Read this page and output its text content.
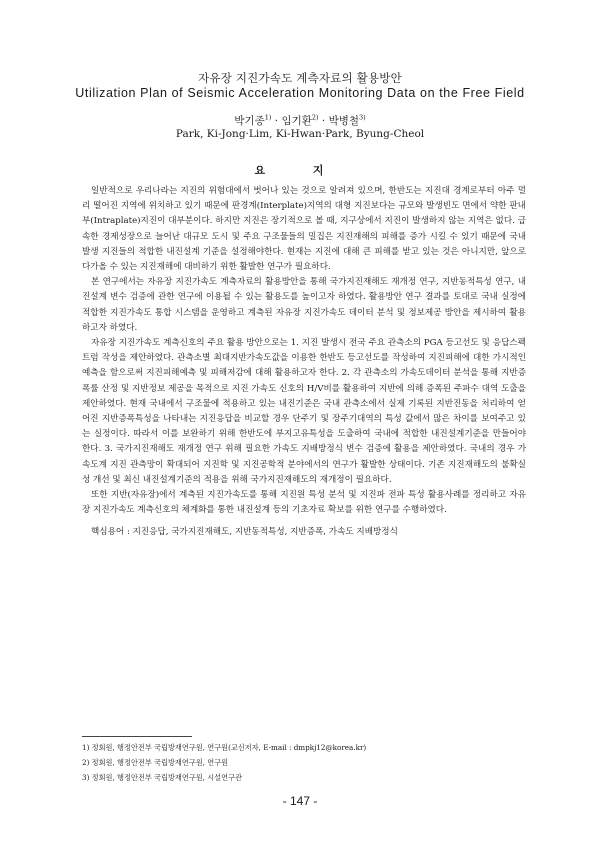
자유장 지진가속도 계측자료의 활용방안
Utilization Plan of Seismic Acceleration Monitoring Data on the Free Field
박기종$^{1)}$ · 임기환$^{2)}$ · 박병철$^{3)}$
Park, Ki-Jong·Lim, Ki-Hwan·Park, Byung-Cheol
요 지

일반적으로 우리나라는 지진의 위험대에서 벗어나 있는 것으로 알려져 있으며, 한반도는 지진대 경계로부터 아주 멀리 떨어진 지역에 위치하고 있기 때문에 판경계(Interplate)지역의 대형 지진보다는 규모와 발생빈도 면에서 약한 판내부(Intraplate)지진이 대부분이다. 하지만 지진은 장기적으로 볼 때, 지구상에서 지진이 발생하지 않는 지역은 없다. 급속한 경제성장으로 늘어난 대규모 도시 및 주요 구조물들의 밀집은 지진재해의 피해를 증가 시킬 수 있기 때문에 국내 발생 지진들의 적합한 내진설계 기준을 설정해야한다. 현재는 지진에 대해 큰 피해를 받고 있는 것은 아니지만, 앞으로 다가올 수 있는 지진재해에 대비하기 위한 활발한 연구가 필요하다.

본 연구에서는 자유장 지진가속도 계측자료의 활용방안을 통해 국가지진재해도 재개정 연구, 지반동적특성 연구, 내진설계 변수 검증에 관한 연구에 이용될 수 있는 활용도를 높이고자 하였다. 활용방안 연구 결과를 토대로 국내 실정에 적합한 지진가속도 통합 시스템을 운영하고 계측된 자유장 지진가속도 데이터 분석 및 정보제공 방안을 제시하여 활용하고자 하였다.

자유장 지진가속도 계측신호의 주요 활용 방안으로는 1. 지진 발생시 전국 주요 관측소의 PGA 등고선도 및 응답스펙트럼 작성을 제안하였다. 관측소별 최대지반가속도값을 이용한 한반도 등고선도를 작성하여 지진피해에 대한 가시적인 예측을 함으로써 지진피해예측 및 피해저감에 대해 활용하고자 한다. 2. 각 관측소의 가속도데이터 분석을 통해 지반증폭률 산정 및 지반정보 제공을 목적으로 지진 가속도 신호의 H/V비를 활용하여 지반에 의해 증폭된 주파수 대역 도출을 제안하였다. 현재 국내에서 구조물에 적용하고 있는 내진기준은 국내 관측소에서 실제 기록된 지반진동을 처리하여 얻어진 지반증폭특성을 나타내는 지진응답을 비교할 경우 단주기 및 장주기대역의 특성 값에서 많은 차이를 보여주고 있는 실정이다. 따라서 이를 보완하기 위해 한반도에 부지고유특성을 도출하여 국내에 적합한 내진설계기준을 만들어야 한다. 3. 국가지진재해도 재개정 연구 위해 필요한 가속도 지배방정식 변수 검증에 활용을 제안하였다. 국내의 경우 가속도계 지진 관측망이 확대되어 지진학 및 지진공학적 분야에서의 연구가 활발한 상태이다. 기존 지진재해도의 불확실성 개선 및 최신 내진설계기준의 적용을 위해 국가지진재해도의 재개정이 필요하다.

또한 지반(자유장)에서 계측된 지진가속도를 통해 지진원 특성 분석 및 지진파 전파 특성 활용사례를 정리하고 자유장 지진가속도 계측신호의 체계화를 통한 내진설계 등의 기초자료 확보를 위한 연구를 수행하였다.

핵심용어 : 지진응답, 국가지진재해도, 지반동적특성, 지반증폭, 가속도 지배방정식
1) 정회원, 행정안전부 국립방재연구원, 연구원(교신저자, E-mail : dmpkj12@korea.kr)
2) 정회원, 행정안전부 국립방재연구원, 연구원
3) 정회원, 행정안전부 국립방재연구원, 시설연구관
- 147 -
